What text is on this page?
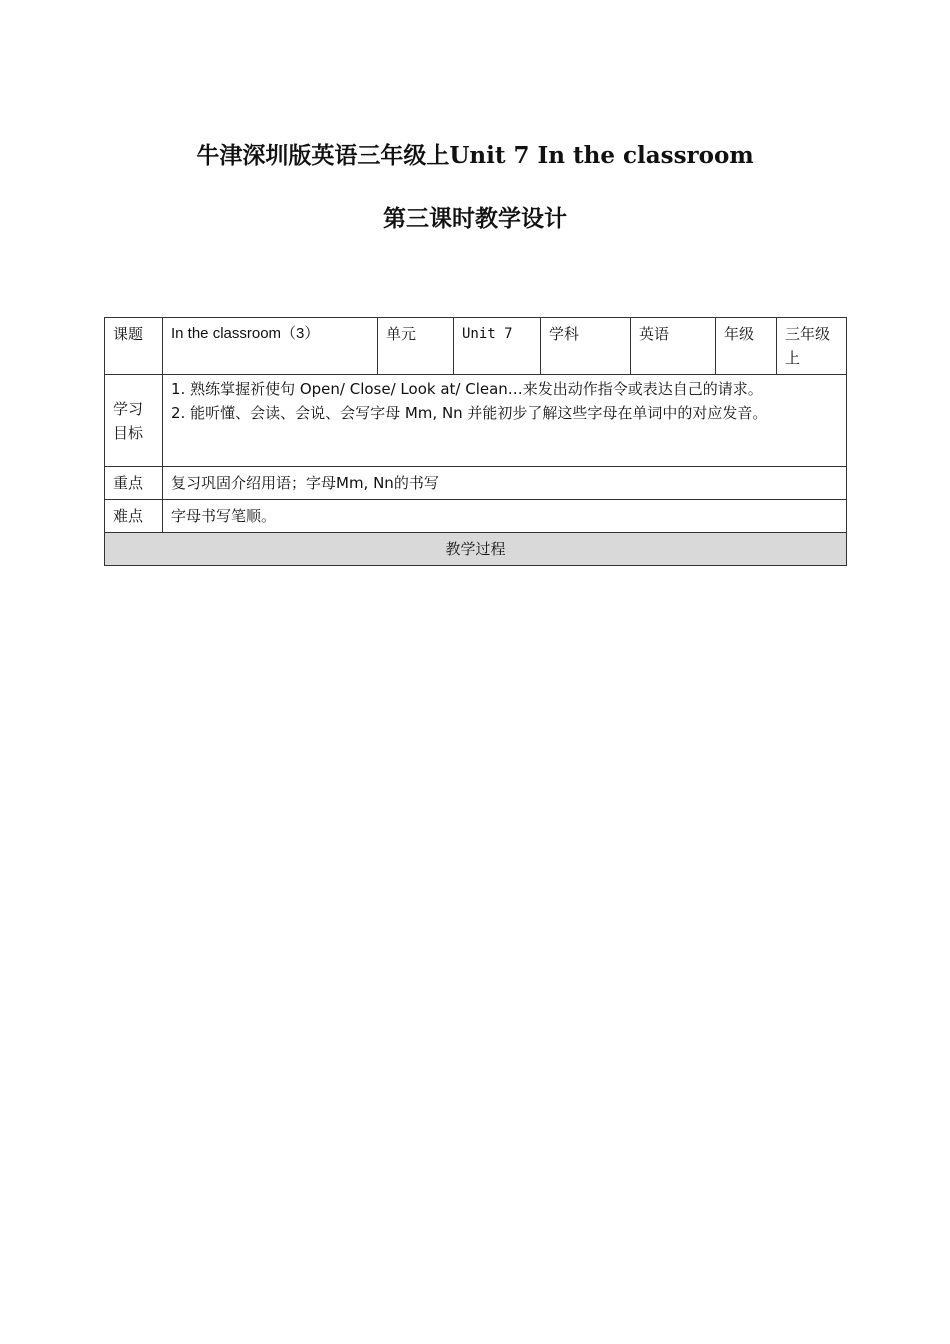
牛津深圳版英语三年级上Unit 7 In the classroom
第三课时教学设计
课题	In the classroom（3）	单元	Unit 7	学科	英语	年级	三年级上
学习目标	1. 熟练掌握祈使句 Open/ Close/ Look at/ Clean…来发出动作指令或表达自己的请求。
2. 能听懂、会读、会说、会写字母 Mm, Nn 并能初步了解这些字母在单词中的对应发音。						

重点	复习巩固介绍用语；字母Mm, Nn的书写						
难点	字母书写笔顺。						
教学过程							
